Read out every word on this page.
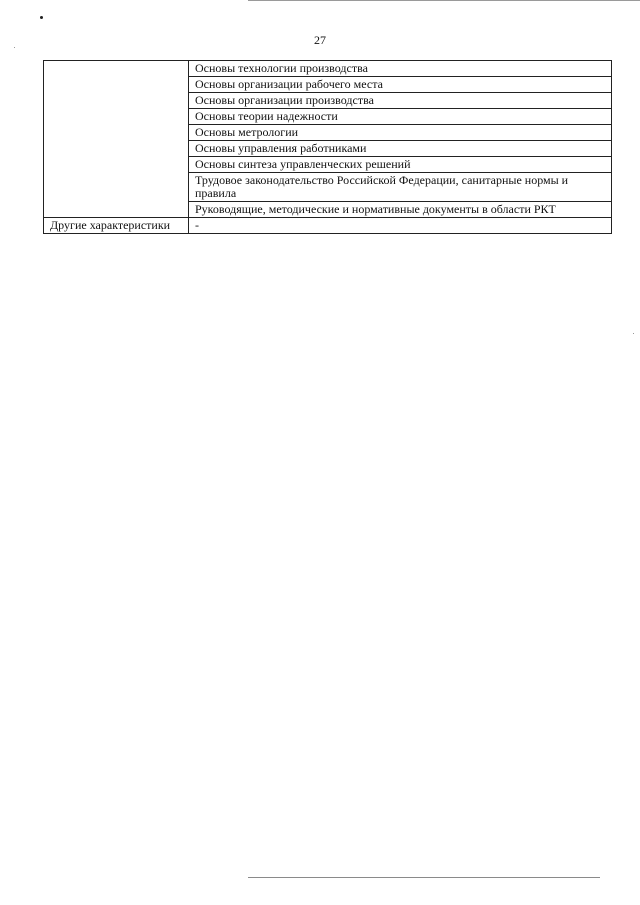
27
	Основы технологии производства
	Основы организации рабочего места
	Основы организации производства
	Основы теории надежности
	Основы метрологии
	Основы управления работниками
	Основы синтеза управленческих решений
	Трудовое законодательство Российской Федерации, санитарные нормы и правила
	Руководящие, методические и нормативные документы в области РКТ
Другие характеристики	-
